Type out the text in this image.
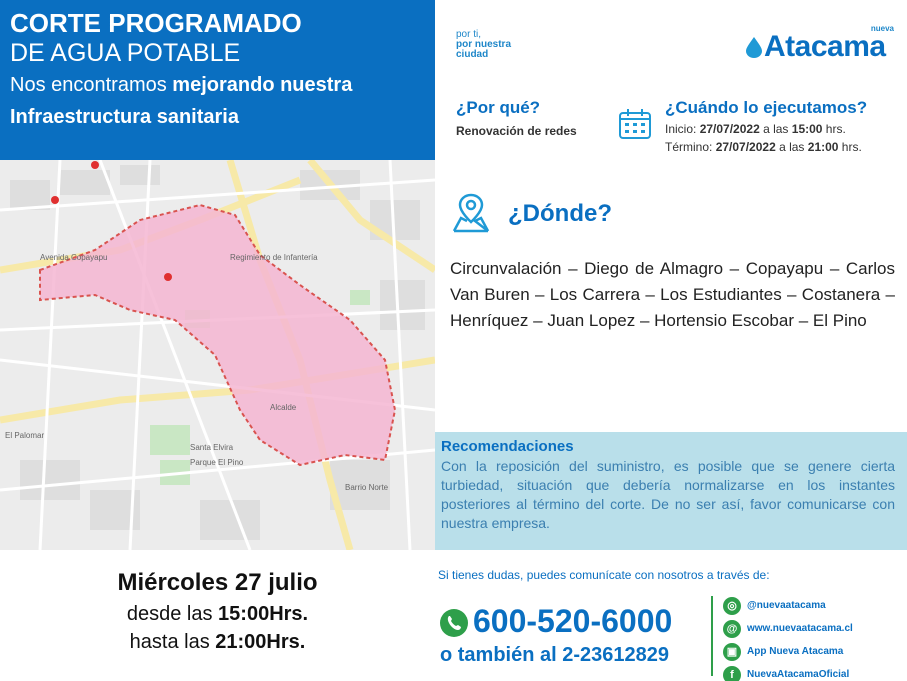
El Palomar
Regimiento de Infantería
Avenida Copayapu
Parque El Pino
Barrio Norte
Santa Elvira
Alcalde
CORTE PROGRAMADO
DE AGUA POTABLE
Nos encontramos mejorando nuestra
Infraestructura sanitaria
por ti,
por nuestra
ciudad
nueva
Atacama
¿Por qué?
Renovación de redes
¿Cuándo lo ejecutamos?
Inicio: 27/07/2022 a las 15:00 hrs.
Término: 27/07/2022 a las 21:00 hrs.
¿Dónde?
Circunvalación – Diego de Almagro – Copayapu – Carlos Van Buren – Los Carrera – Los Estudiantes – Costanera – Henríquez – Juan Lopez – Hortensio Escobar – El Pino
Recomendaciones
Con la reposición del suministro, es posible que se genere cierta turbiedad, situación que debería normalizarse en los instantes posteriores al término del corte. De no ser así, favor comunicarse con nuestra empresa.
Miércoles 27 julio
desde las 15:00Hrs.
hasta las 21:00Hrs.
Si tienes dudas, puedes comunícate con nosotros a través de:
600-520-6000
o también al 2-23612829
◎	@nuevaatacama
@ www.nuevaatacama.cl
▣ App Nueva Atacama
f	NuevaAtacamaOficial
